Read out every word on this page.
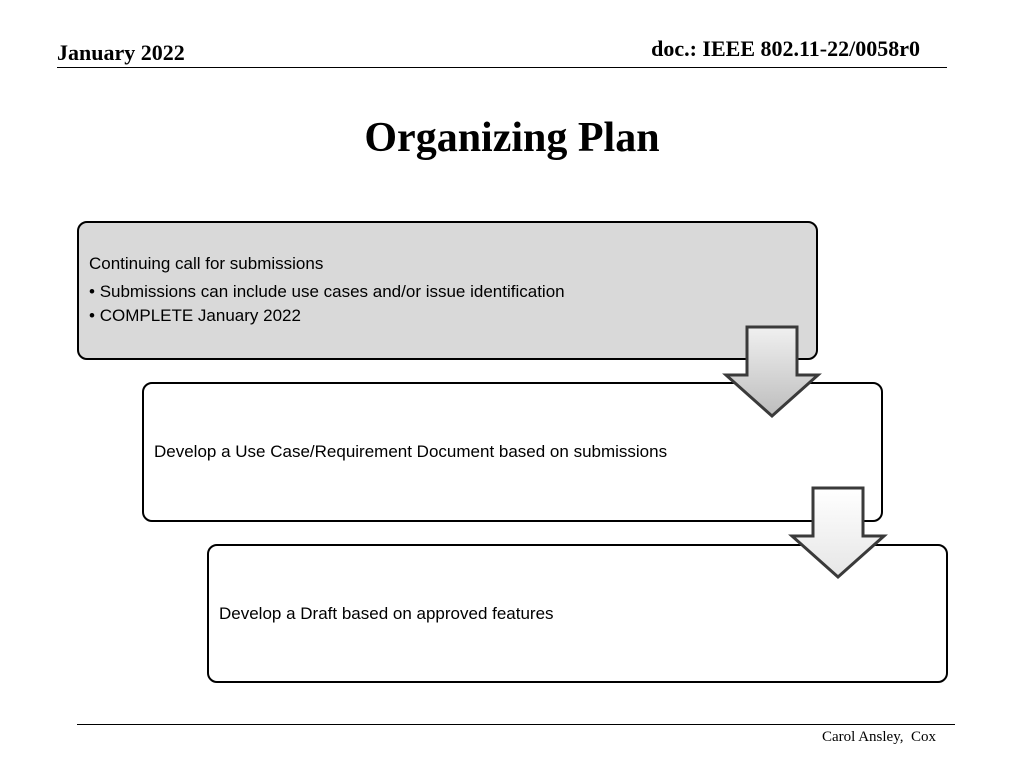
January 2022	doc.: IEEE 802.11-22/0058r0
Organizing Plan
Continuing call for submissions
• Submissions can include use cases and/or issue identification
• COMPLETE January 2022
Develop a Use Case/Requirement Document based on submissions
Develop a Draft based on approved features
Carol Ansley,  Cox
